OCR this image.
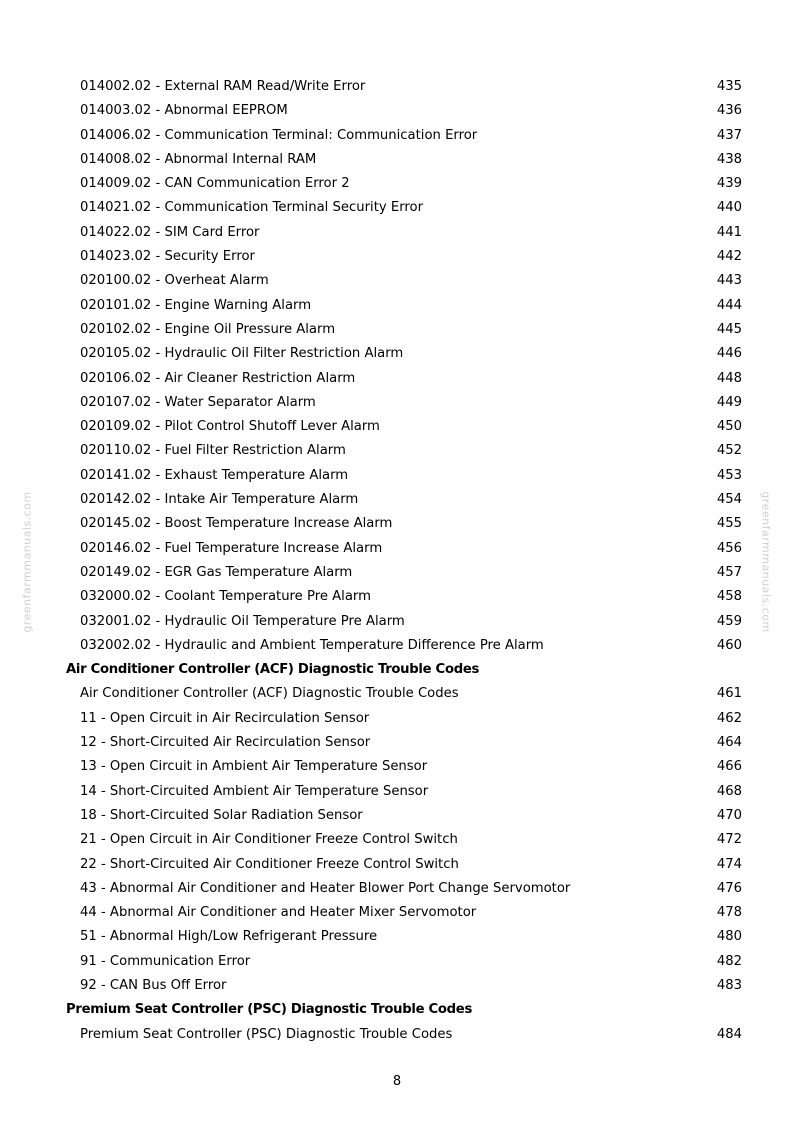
014002.02 - External RAM Read/Write Error	435
014003.02 - Abnormal EEPROM	436
014006.02 - Communication Terminal: Communication Error	437
014008.02 - Abnormal Internal RAM	438
014009.02 - CAN Communication Error 2	439
014021.02 - Communication Terminal Security Error	440
014022.02 - SIM Card Error	441
014023.02 - Security Error	442
020100.02 - Overheat Alarm	443
020101.02 - Engine Warning Alarm	444
020102.02 - Engine Oil Pressure Alarm	445
020105.02 - Hydraulic Oil Filter Restriction Alarm	446
020106.02 - Air Cleaner Restriction Alarm	448
020107.02 - Water Separator Alarm	449
020109.02 - Pilot Control Shutoff Lever Alarm	450
020110.02 - Fuel Filter Restriction Alarm	452
020141.02 - Exhaust Temperature Alarm	453
020142.02 - Intake Air Temperature Alarm	454
020145.02 - Boost Temperature Increase Alarm	455
020146.02 - Fuel Temperature Increase Alarm	456
020149.02 - EGR Gas Temperature Alarm	457
032000.02 - Coolant Temperature Pre Alarm	458
032001.02 - Hydraulic Oil Temperature Pre Alarm	459
032002.02 - Hydraulic and Ambient Temperature Difference Pre Alarm	460
Air Conditioner Controller (ACF) Diagnostic Trouble Codes
Air Conditioner Controller (ACF) Diagnostic Trouble Codes	461
11 - Open Circuit in Air Recirculation Sensor	462
12 - Short-Circuited Air Recirculation Sensor	464
13 - Open Circuit in Ambient Air Temperature Sensor	466
14 - Short-Circuited Ambient Air Temperature Sensor	468
18 - Short-Circuited Solar Radiation Sensor	470
21 - Open Circuit in Air Conditioner Freeze Control Switch	472
22 - Short-Circuited Air Conditioner Freeze Control Switch	474
43 - Abnormal Air Conditioner and Heater Blower Port Change Servomotor	476
44 - Abnormal Air Conditioner and Heater Mixer Servomotor	478
51 - Abnormal High/Low Refrigerant Pressure	480
91 - Communication Error	482
92 - CAN Bus Off Error	483
Premium Seat Controller (PSC) Diagnostic Trouble Codes
Premium Seat Controller (PSC) Diagnostic Trouble Codes	484
greenfarmmanuals.com	greenfarmmanuals.com
8
